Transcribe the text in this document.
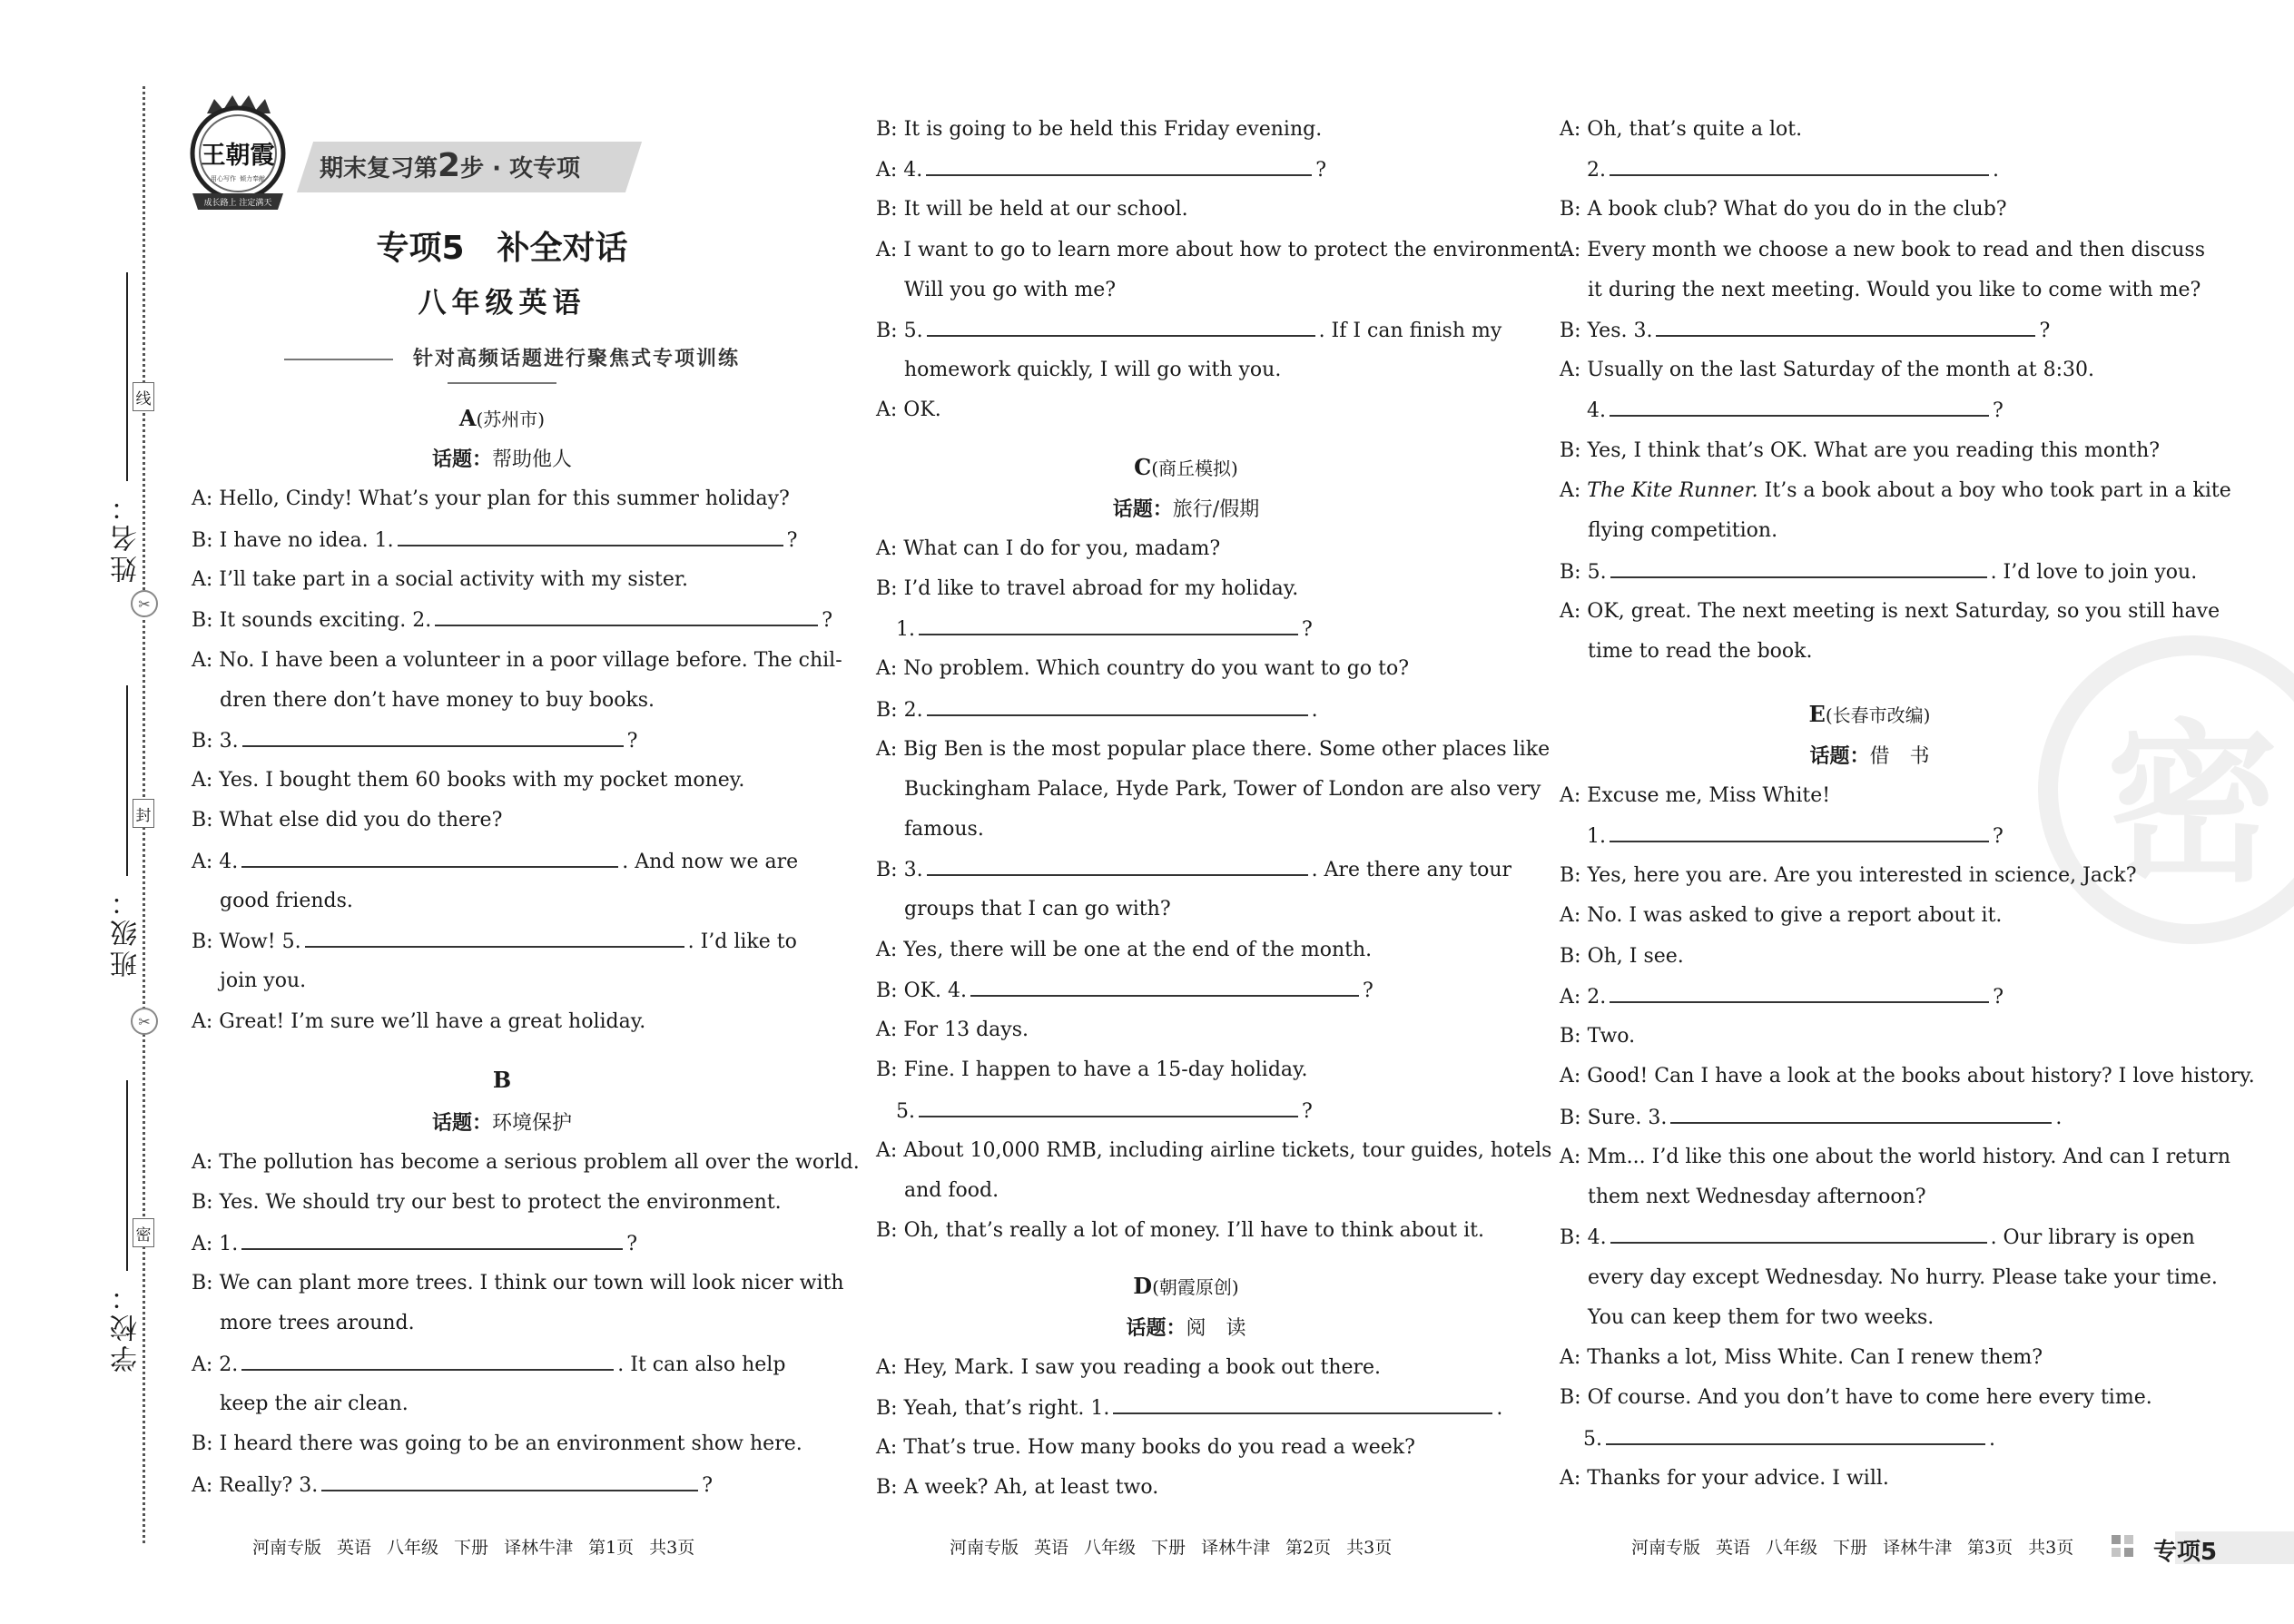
线
封
密
✂
✂
姓名：
班级：
学校：
王朝霞
用心写作 倾力奉献
成长路上 注定满天
期末复习第2步 · 攻专项
密
专项5　补全对话
八年级英语
针对高频话题进行聚焦式专项训练
A(苏州市)
话题：帮助他人
A: Hello, Cindy! What’s your plan for this summer holiday?
B: I have no idea. 1.	?
A: I’ll take part in a social activity with my sister.
B: It sounds exciting. 2.	?
A: No. I have been a volunteer in a poor village before. The chil-
dren there don’t have money to buy books.
B: 3.	?
A: Yes. I bought them 60 books with my pocket money.
B: What else did you do there?
A: 4.	. And now we are
good friends.
B: Wow! 5.	. I’d like to
join you.
A: Great! I’m sure we’ll have a great holiday.
B
话题：环境保护
A: The pollution has become a serious problem all over the world.
B: Yes. We should try our best to protect the environment.
A: 1.	?
B: We can plant more trees. I think our town will look nicer with
more trees around.
A: 2.	. It can also help
keep the air clean.
B: I heard there was going to be an environment show here.
A: Really? 3.	?
B: It is going to be held this Friday evening.
A: 4.	?
B: It will be held at our school.
A: I want to go to learn more about how to protect the environment.
Will you go with me?
B: 5.	. If I can finish my
homework quickly, I will go with you.
A: OK.
C(商丘模拟)
话题：旅行/假期
A: What can I do for you, madam?
B: I’d like to travel abroad for my holiday.
1.	?
A: No problem. Which country do you want to go to?
B: 2.	.
A: Big Ben is the most popular place there. Some other places like
Buckingham Palace, Hyde Park, Tower of London are also very
famous.
B: 3.	. Are there any tour
groups that I can go with?
A: Yes, there will be one at the end of the month.
B: OK. 4.	?
A: For 13 days.
B: Fine. I happen to have a 15-day holiday.
5.	?
A: About 10,000 RMB, including airline tickets, tour guides, hotels
and food.
B: Oh, that’s really a lot of money. I’ll have to think about it.
D(朝霞原创)
话题：阅　读
A: Hey, Mark. I saw you reading a book out there.
B: Yeah, that’s right. 1.	.
A: That’s true. How many books do you read a week?
B: A week? Ah, at least two.
A: Oh, that’s quite a lot.
2.	.
B: A book club? What do you do in the club?
A: Every month we choose a new book to read and then discuss
it during the next meeting. Would you like to come with me?
B: Yes. 3.	?
A: Usually on the last Saturday of the month at 8:30.
4.	?
B: Yes, I think that’s OK. What are you reading this month?
A: The Kite Runner. It’s a book about a boy who took part in a kite
flying competition.
B: 5.	. I’d love to join you.
A: OK, great. The next meeting is next Saturday, so you still have
time to read the book.
E(长春市改编)
话题：借　书
A: Excuse me, Miss White!
1.	?
B: Yes, here you are. Are you interested in science, Jack?
A: No. I was asked to give a report about it.
B: Oh, I see.
A: 2.	?
B: Two.
A: Good! Can I have a look at the books about history? I love history.
B: Sure. 3.	.
A: Mm... I’d like this one about the world history. And can I return
them next Wednesday afternoon?
B: 4.	. Our library is open
every day except Wednesday. No hurry. Please take your time.
You can keep them for two weeks.
A: Thanks a lot, Miss White. Can I renew them?
B: Of course. And you don’t have to come here every time.
5.	.
A: Thanks for your advice. I will.
河南专版 英语 八年级 下册 译林牛津 第1页 共3页	河南专版 英语 八年级 下册 译林牛津 第2页 共3页	河南专版 英语 八年级 下册 译林牛津 第3页 共3页	专项5
